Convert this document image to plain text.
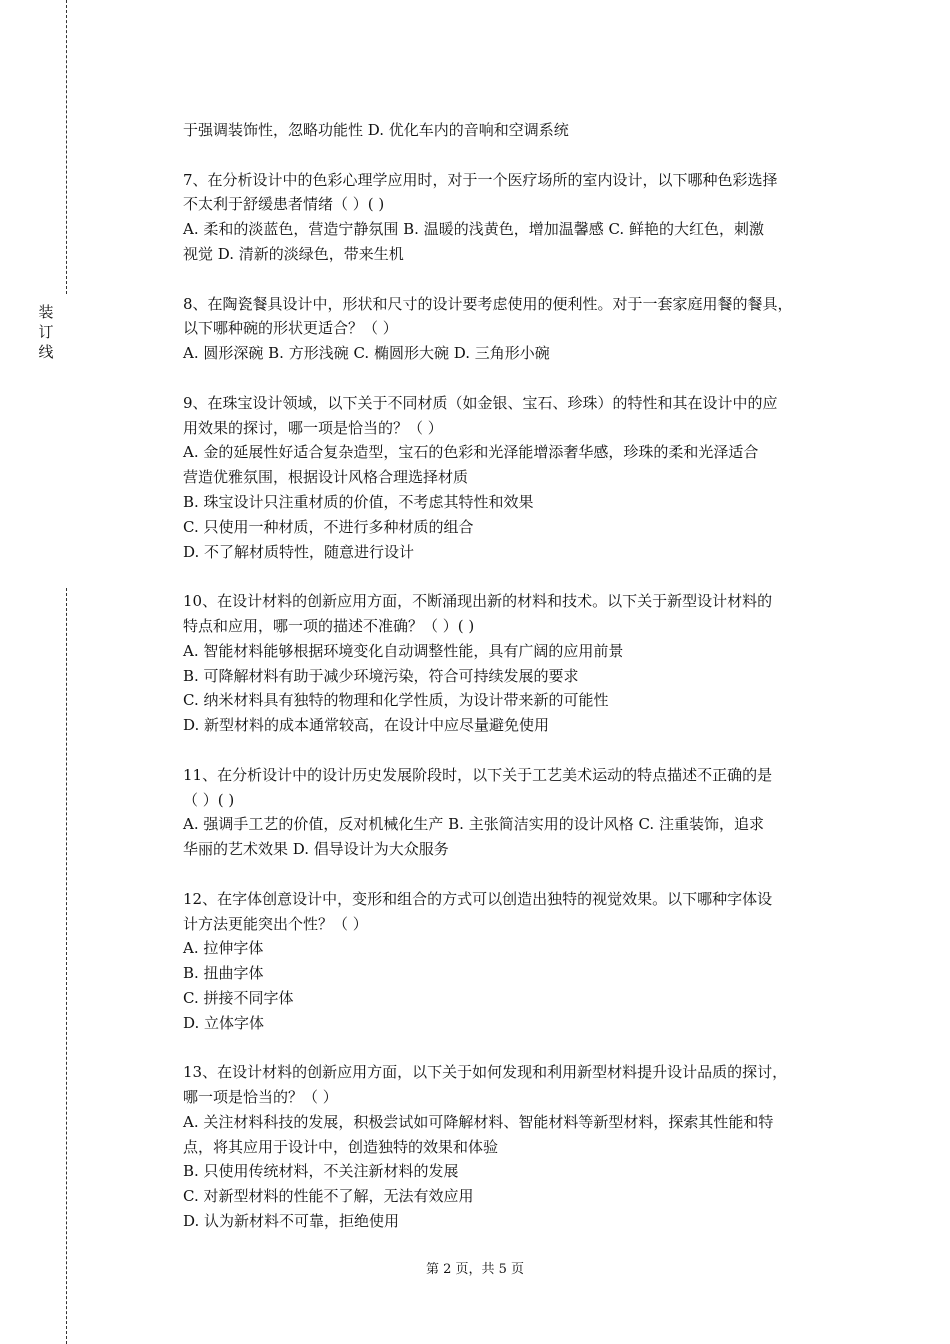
装
订
线
于强调装饰性，忽略功能性 D. 优化车内的音响和空调系统
7、在分析设计中的色彩心理学应用时，对于一个医疗场所的室内设计，以下哪种色彩选择
不太利于舒缓患者情绪（ ）( )
A. 柔和的淡蓝色，营造宁静氛围 B. 温暖的浅黄色，增加温馨感 C. 鲜艳的大红色，刺激
视觉 D. 清新的淡绿色，带来生机
8、在陶瓷餐具设计中，形状和尺寸的设计要考虑使用的便利性。对于一套家庭用餐的餐具，
以下哪种碗的形状更适合？（ ）
A. 圆形深碗 B. 方形浅碗 C. 椭圆形大碗 D. 三角形小碗
9、在珠宝设计领域，以下关于不同材质（如金银、宝石、珍珠）的特性和其在设计中的应
用效果的探讨，哪一项是恰当的？（ ）
A. 金的延展性好适合复杂造型，宝石的色彩和光泽能增添奢华感，珍珠的柔和光泽适合
营造优雅氛围，根据设计风格合理选择材质
B. 珠宝设计只注重材质的价值，不考虑其特性和效果
C. 只使用一种材质，不进行多种材质的组合
D. 不了解材质特性，随意进行设计
10、在设计材料的创新应用方面，不断涌现出新的材料和技术。以下关于新型设计材料的
特点和应用，哪一项的描述不准确？（ ）( )
A. 智能材料能够根据环境变化自动调整性能，具有广阔的应用前景
B. 可降解材料有助于减少环境污染，符合可持续发展的要求
C. 纳米材料具有独特的物理和化学性质，为设计带来新的可能性
D. 新型材料的成本通常较高，在设计中应尽量避免使用
11、在分析设计中的设计历史发展阶段时，以下关于工艺美术运动的特点描述不正确的是
（ ）( )
A. 强调手工艺的价值，反对机械化生产 B. 主张简洁实用的设计风格 C. 注重装饰，追求
华丽的艺术效果 D. 倡导设计为大众服务
12、在字体创意设计中，变形和组合的方式可以创造出独特的视觉效果。以下哪种字体设
计方法更能突出个性？（ ）
A. 拉伸字体
B. 扭曲字体
C. 拼接不同字体
D. 立体字体
13、在设计材料的创新应用方面，以下关于如何发现和利用新型材料提升设计品质的探讨，
哪一项是恰当的？（ ）
A. 关注材料科技的发展，积极尝试如可降解材料、智能材料等新型材料，探索其性能和特
点，将其应用于设计中，创造独特的效果和体验
B. 只使用传统材料，不关注新材料的发展
C. 对新型材料的性能不了解，无法有效应用
D. 认为新材料不可靠，拒绝使用
第 2 页，共 5 页
